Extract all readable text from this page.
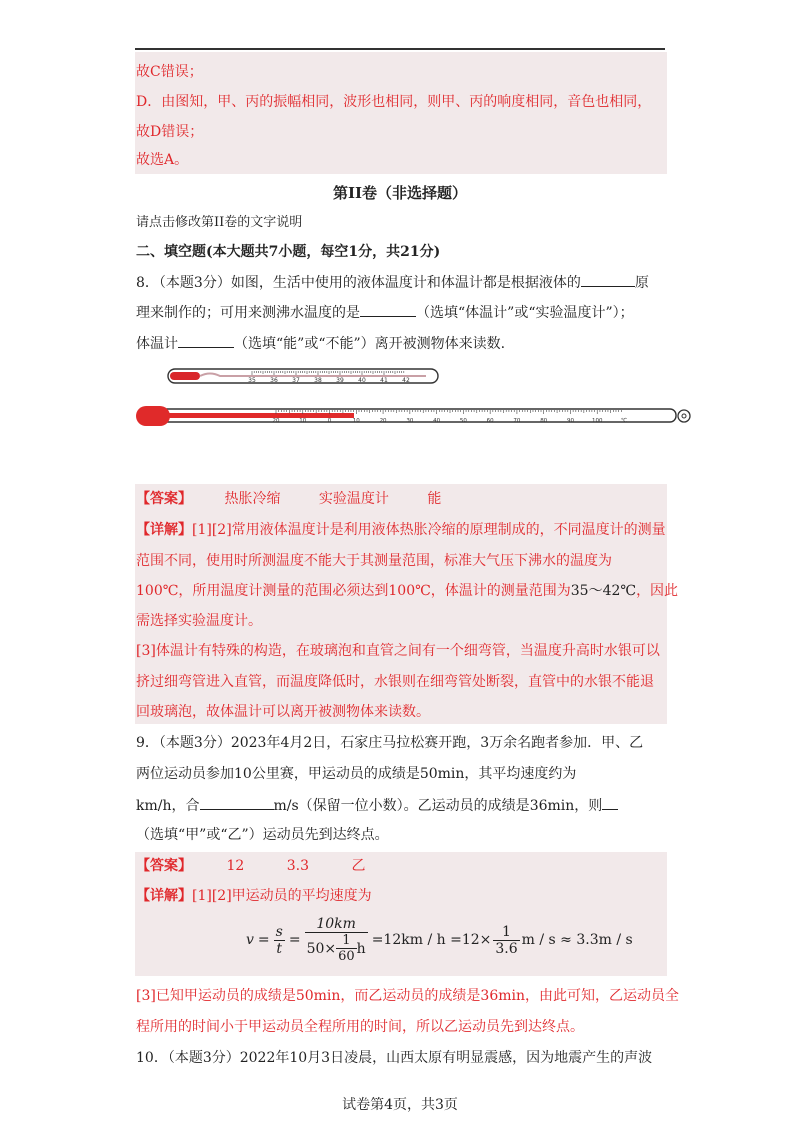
故C错误；
D．由图知，甲、丙的振幅相同，波形也相同，则甲、丙的响度相同，音色也相同，
故D错误；
故选A。
第II卷（非选择题）
请点击修改第II卷的文字说明
二、填空题(本大题共7小题，每空1分，共21分)
8．（本题3分）如图，生活中使用的液体温度计和体温计都是根据液体的	原
理来制作的；可用来测沸水温度的是	（选填“体温计”或“实验温度计”）；
体温计	（选填“能”或“不能”）离开被测物体来读数.
35 36 37 38 39 40 41 42
20	10	0	10	20	30	40	50	60	70	80	90	100	℃
【答案】 热胀冷缩	实验温度计	能
【详解】[1][2]常用液体温度计是利用液体热胀冷缩的原理制成的，不同温度计的测量
范围不同，使用时所测温度不能大于其测量范围，标准大气压下沸水的温度为
100℃，所用温度计测量的范围必须达到100℃，体温计的测量范围为35～42℃，因此
需选择实验温度计。
[3]体温计有特殊的构造，在玻璃泡和直管之间有一个细弯管，当温度升高时水银可以
挤过细弯管进入直管，而温度降低时，水银则在细弯管处断裂，直管中的水银不能退
回玻璃泡，故体温计可以离开被测物体来读数。
9．（本题3分）2023年4月2日，石家庄马拉松赛开跑，3万余名跑者参加．甲、乙
两位运动员参加10公里赛，甲运动员的成绩是50min，其平均速度约为
km/h，合	m/s（保留一位小数）。乙运动员的成绩是36min，则
（选填“甲”或“乙”）运动员先到达终点。
【答案】 12	3.3	乙
【详解】[1][2]甲运动员的平均速度为
$v = \frac{s}{t} = \frac{10km}{50\times \frac{1}{60} h} =12km / h =12\times \frac{1}{3.6}$ m / s ≈ 3.3m / s
[3]已知甲运动员的成绩是50min，而乙运动员的成绩是36min，由此可知，乙运动员全
程所用的时间小于甲运动员全程所用的时间，所以乙运动员先到达终点。
10．（本题3分）2022年10月3日凌晨，山西太原有明显震感，因为地震产生的声波
试卷第4页，共3页
